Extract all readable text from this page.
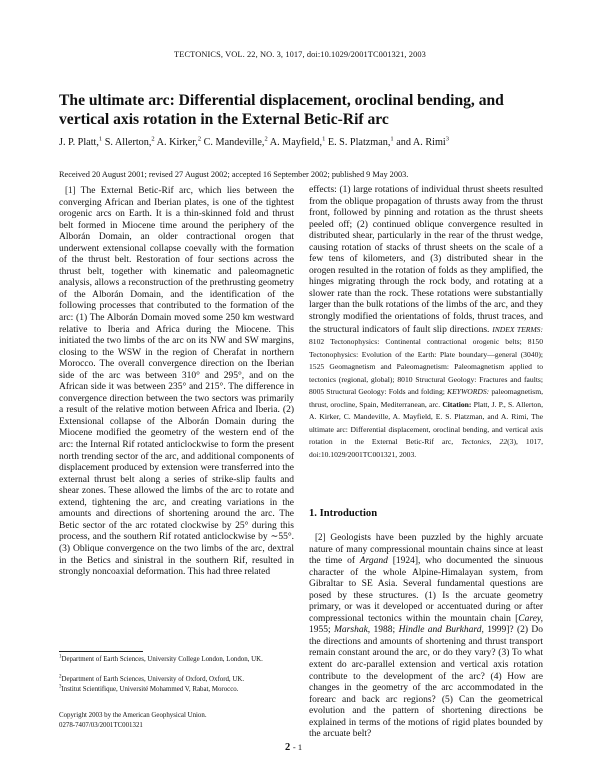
TECTONICS, VOL. 22, NO. 3, 1017, doi:10.1029/2001TC001321, 2003
The ultimate arc: Differential displacement, oroclinal bending, and vertical axis rotation in the External Betic-Rif arc
J. P. Platt,$^1$ S. Allerton,$^2$ A. Kirker,$^2$ C. Mandeville,$^2$ A. Mayfield,$^1$ E. S. Platzman,$^1$ and A. Rimi$^3$
Received 20 August 2001; revised 27 August 2002; accepted 16 September 2002; published 9 May 2003.

[1] The External Betic-Rif arc, which lies between the converging African and Iberian plates, is one of the tightest orogenic arcs on Earth. It is a thin-skinned fold and thrust belt formed in Miocene time around the periphery of the Alborán Domain, an older contractional orogen that underwent extensional collapse coevally with the formation of the thrust belt. Restoration of four sections across the thrust belt, together with kinematic and paleomagnetic analysis, allows a reconstruction of the prethrusting geometry of the Alborán Domain, and the identification of the following processes that contributed to the formation of the arc: (1) The Alborán Domain moved some 250 km westward relative to Iberia and Africa during the Miocene. This initiated the two limbs of the arc on its NW and SW margins, closing to the WSW in the region of Cherafat in northern Morocco. The overall convergence direction on the Iberian side of the arc was between 310° and 295°, and on the African side it was between 235° and 215°. The difference in convergence direction between the two sectors was primarily a result of the relative motion between Africa and Iberia. (2) Extensional collapse of the Alborán Domain during the Miocene modified the geometry of the western end of the arc: the Internal Rif rotated anticlockwise to form the present north trending sector of the arc, and additional components of displacement produced by extension were transferred into the external thrust belt along a series of strike-slip faults and shear zones. These allowed the limbs of the arc to rotate and extend, tightening the arc, and creating variations in the amounts and directions of shortening around the arc. The Betic sector of the arc rotated clockwise by 25° during this process, and the southern Rif rotated anticlockwise by ∼55°. (3) Oblique convergence on the two limbs of the arc, dextral in the Betics and sinistral in the southern Rif, resulted in strongly noncoaxial deformation. This had three related

effects: (1) large rotations of individual thrust sheets resulted from the oblique propagation of thrusts away from the thrust front, followed by pinning and rotation as the thrust sheets peeled off; (2) continued oblique convergence resulted in distributed shear, particularly in the rear of the thrust wedge, causing rotation of stacks of thrust sheets on the scale of a few tens of kilometers, and (3) distributed shear in the orogen resulted in the rotation of folds as they amplified, the hinges migrating through the rock body, and rotating at a slower rate than the rock. These rotations were substantially larger than the bulk rotations of the limbs of the arc, and they strongly modified the orientations of folds, thrust traces, and the structural indicators of fault slip directions. INDEX TERMS: 8102 Tectonophysics: Continental contractional orogenic belts; 8150 Tectonophysics: Evolution of the Earth: Plate boundary—general (3040); 1525 Geomagnetism and Paleomagnetism: Paleomagnetism applied to tectonics (regional, global); 8010 Structural Geology: Fractures and faults; 8005 Structural Geology: Folds and folding; KEYWORDS: paleomagnetism, thrust, orocline, Spain, Mediterranean, arc. Citation: Platt, J. P., S. Allerton, A. Kirker, C. Mandeville, A. Mayfield, E. S. Platzman, and A. Rimi, The ultimate arc: Differential displacement, oroclinal bending, and vertical axis rotation in the External Betic-Rif arc, Tectonics, 22(3), 1017, doi:10.1029/2001TC001321, 2003.

$^1$Department of Earth Sciences, University College London, London, UK.
$^2$Department of Earth Sciences, University of Oxford, Oxford, UK.
$^3$Institut Scientifique, Université Mohammed V, Rabat, Morocco.
Copyright 2003 by the American Geophysical Union.
0278-7407/03/2001TC001321
1. Introduction

[2] Geologists have been puzzled by the highly arcuate nature of many compressional mountain chains since at least the time of Argand [1924], who documented the sinuous character of the whole Alpine-Himalayan system, from Gibraltar to SE Asia. Several fundamental questions are posed by these structures. (1) Is the arcuate geometry primary, or was it developed or accentuated during or after compressional tectonics within the mountain chain [Carey, 1955; Marshak, 1988; Hindle and Burkhard, 1999]? (2) Do the directions and amounts of shortening and thrust transport remain constant around the arc, or do they vary? (3) To what extent do arc-parallel extension and vertical axis rotation contribute to the development of the arc? (4) How are changes in the geometry of the arc accommodated in the forearc and back arc regions? (5) Can the geometrical evolution and the pattern of shortening directions be explained in terms of the motions of rigid plates bounded by the arcuate belt?

2 - 1
